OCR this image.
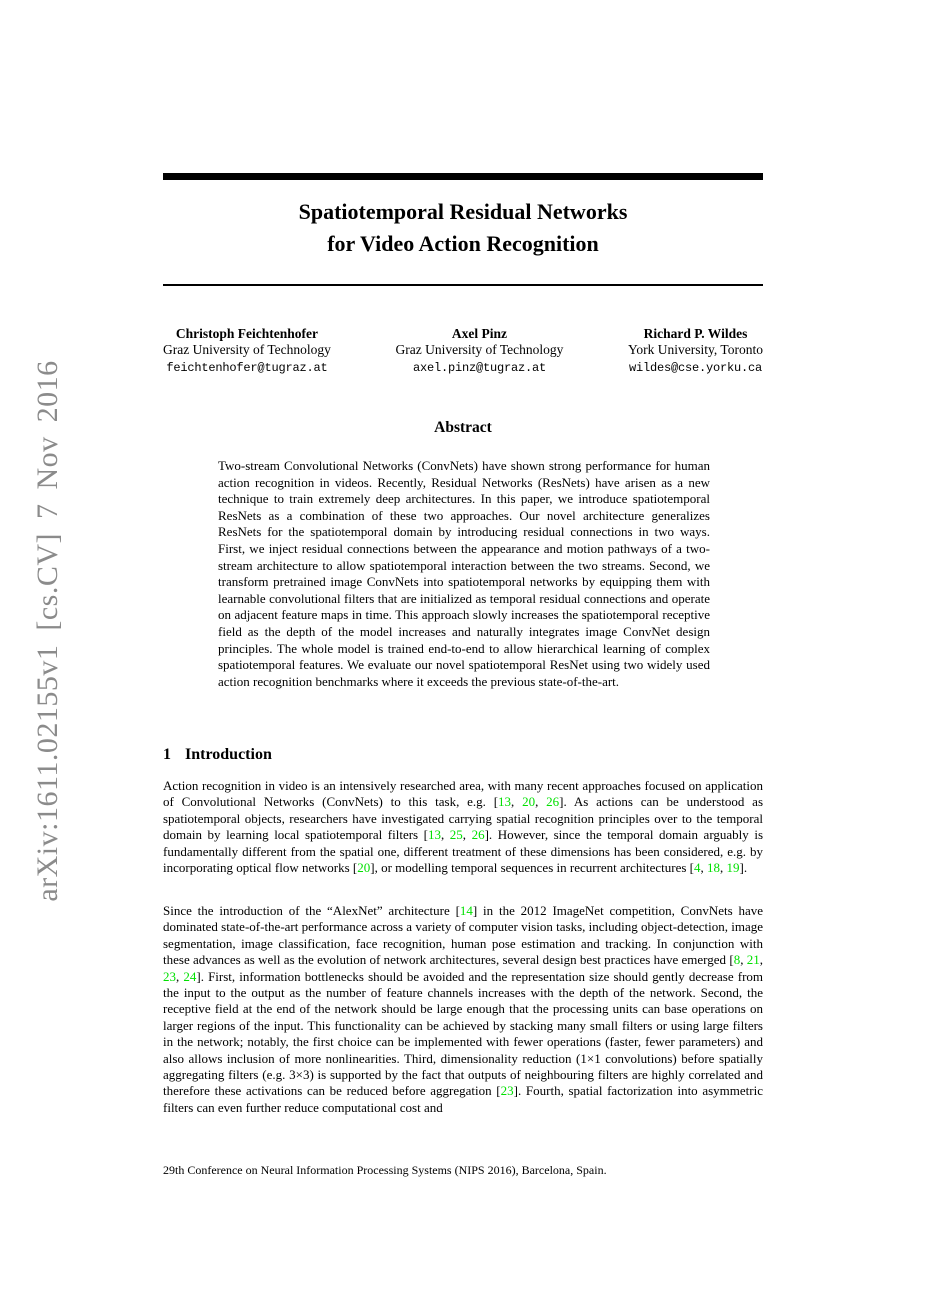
arXiv:1611.02155v1 [cs.CV] 7 Nov 2016
Spatiotemporal Residual Networks
for Video Action Recognition
Christoph Feichtenhofer
Graz University of Technology
feichtenhofer@tugraz.at
Axel Pinz
Graz University of Technology
axel.pinz@tugraz.at
Richard P. Wildes
York University, Toronto
wildes@cse.yorku.ca
Abstract

Two-stream Convolutional Networks (ConvNets) have shown strong performance for human action recognition in videos. Recently, Residual Networks (ResNets) have arisen as a new technique to train extremely deep architectures. In this paper, we introduce spatiotemporal ResNets as a combination of these two approaches. Our novel architecture generalizes ResNets for the spatiotemporal domain by introducing residual connections in two ways. First, we inject residual connections between the appearance and motion pathways of a two-stream architecture to allow spatiotemporal interaction between the two streams. Second, we transform pretrained image ConvNets into spatiotemporal networks by equipping them with learnable convolutional filters that are initialized as temporal residual connections and operate on adjacent feature maps in time. This approach slowly increases the spatiotemporal receptive field as the depth of the model increases and naturally integrates image ConvNet design principles. The whole model is trained end-to-end to allow hierarchical learning of complex spatiotemporal features. We evaluate our novel spatiotemporal ResNet using two widely used action recognition benchmarks where it exceeds the previous state-of-the-art.

1 Introduction

Action recognition in video is an intensively researched area, with many recent approaches focused on application of Convolutional Networks (ConvNets) to this task, e.g. [13, 20, 26]. As actions can be understood as spatiotemporal objects, researchers have investigated carrying spatial recognition principles over to the temporal domain by learning local spatiotemporal filters [13, 25, 26]. However, since the temporal domain arguably is fundamentally different from the spatial one, different treatment of these dimensions has been considered, e.g. by incorporating optical flow networks [20], or modelling temporal sequences in recurrent architectures [4, 18, 19].

Since the introduction of the “AlexNet” architecture [14] in the 2012 ImageNet competition, ConvNets have dominated state-of-the-art performance across a variety of computer vision tasks, including object-detection, image segmentation, image classification, face recognition, human pose estimation and tracking. In conjunction with these advances as well as the evolution of network architectures, several design best practices have emerged [8, 21, 23, 24]. First, information bottlenecks should be avoided and the representation size should gently decrease from the input to the output as the number of feature channels increases with the depth of the network. Second, the receptive field at the end of the network should be large enough that the processing units can base operations on larger regions of the input. This functionality can be achieved by stacking many small filters or using large filters in the network; notably, the first choice can be implemented with fewer operations (faster, fewer parameters) and also allows inclusion of more nonlinearities. Third, dimensionality reduction (1×1 convolutions) before spatially aggregating filters (e.g. 3×3) is supported by the fact that outputs of neighbouring filters are highly correlated and therefore these activations can be reduced before aggregation [23]. Fourth, spatial factorization into asymmetric filters can even further reduce computational cost and

29th Conference on Neural Information Processing Systems (NIPS 2016), Barcelona, Spain.
